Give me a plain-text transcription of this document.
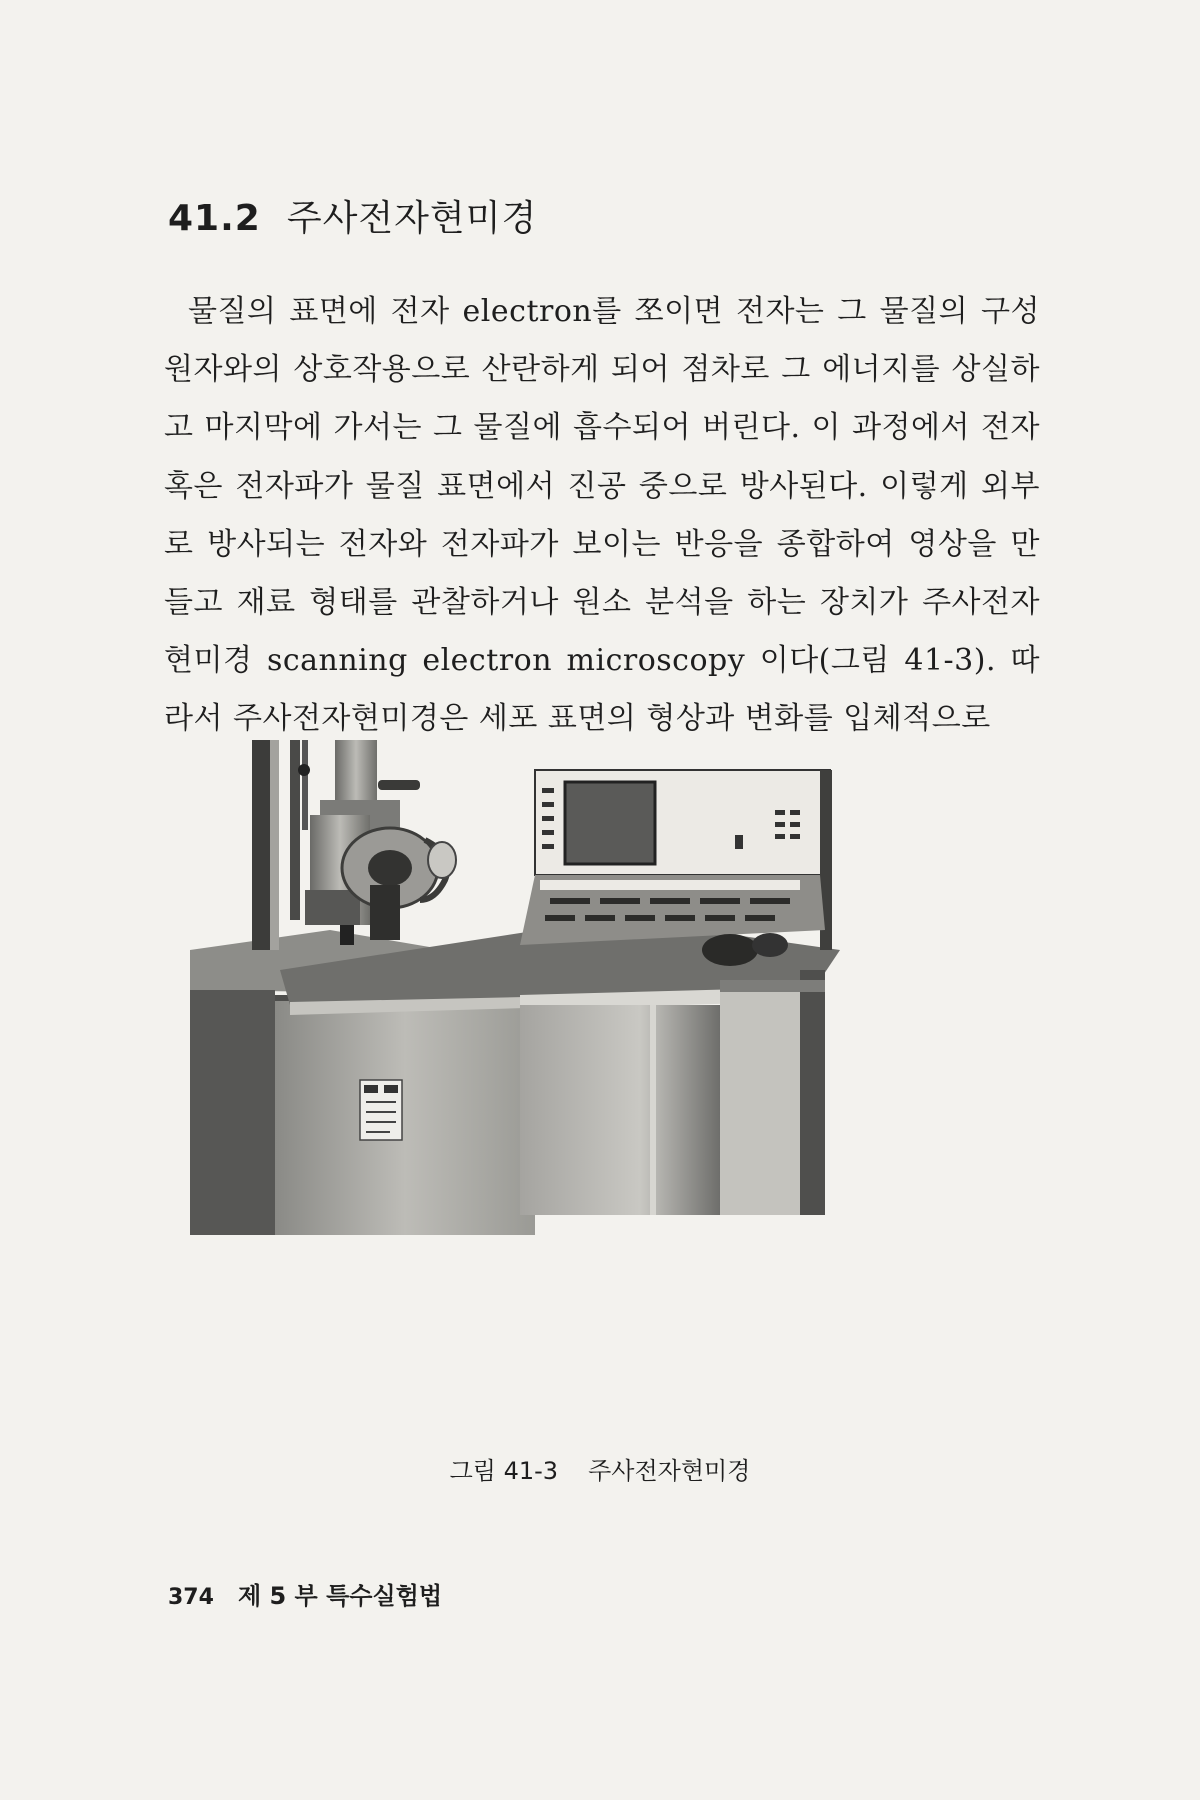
41.2 주사전자현미경

물질의 표면에 전자 electron를 쪼이면 전자는 그 물질의 구성 원자와의 상호작용으로 산란하게 되어 점차로 그 에너지를 상실하고 마지막에 가서는 그 물질에 흡수되어 버린다. 이 과정에서 전자 혹은 전자파가 물질 표면에서 진공 중으로 방사된다. 이렇게 외부로 방사되는 전자와 전자파가 보이는 반응을 종합하여 영상을 만들고 재료 형태를 관찰하거나 원소 분석을 하는 장치가 주사전자현미경 scanning electron microscopy 이다(그림 41-3). 따라서 주사전자현미경은 세포 표면의 형상과 변화를 입체적으로

그림 41-3 주사전자현미경
374 제 5 부 특수실험법
